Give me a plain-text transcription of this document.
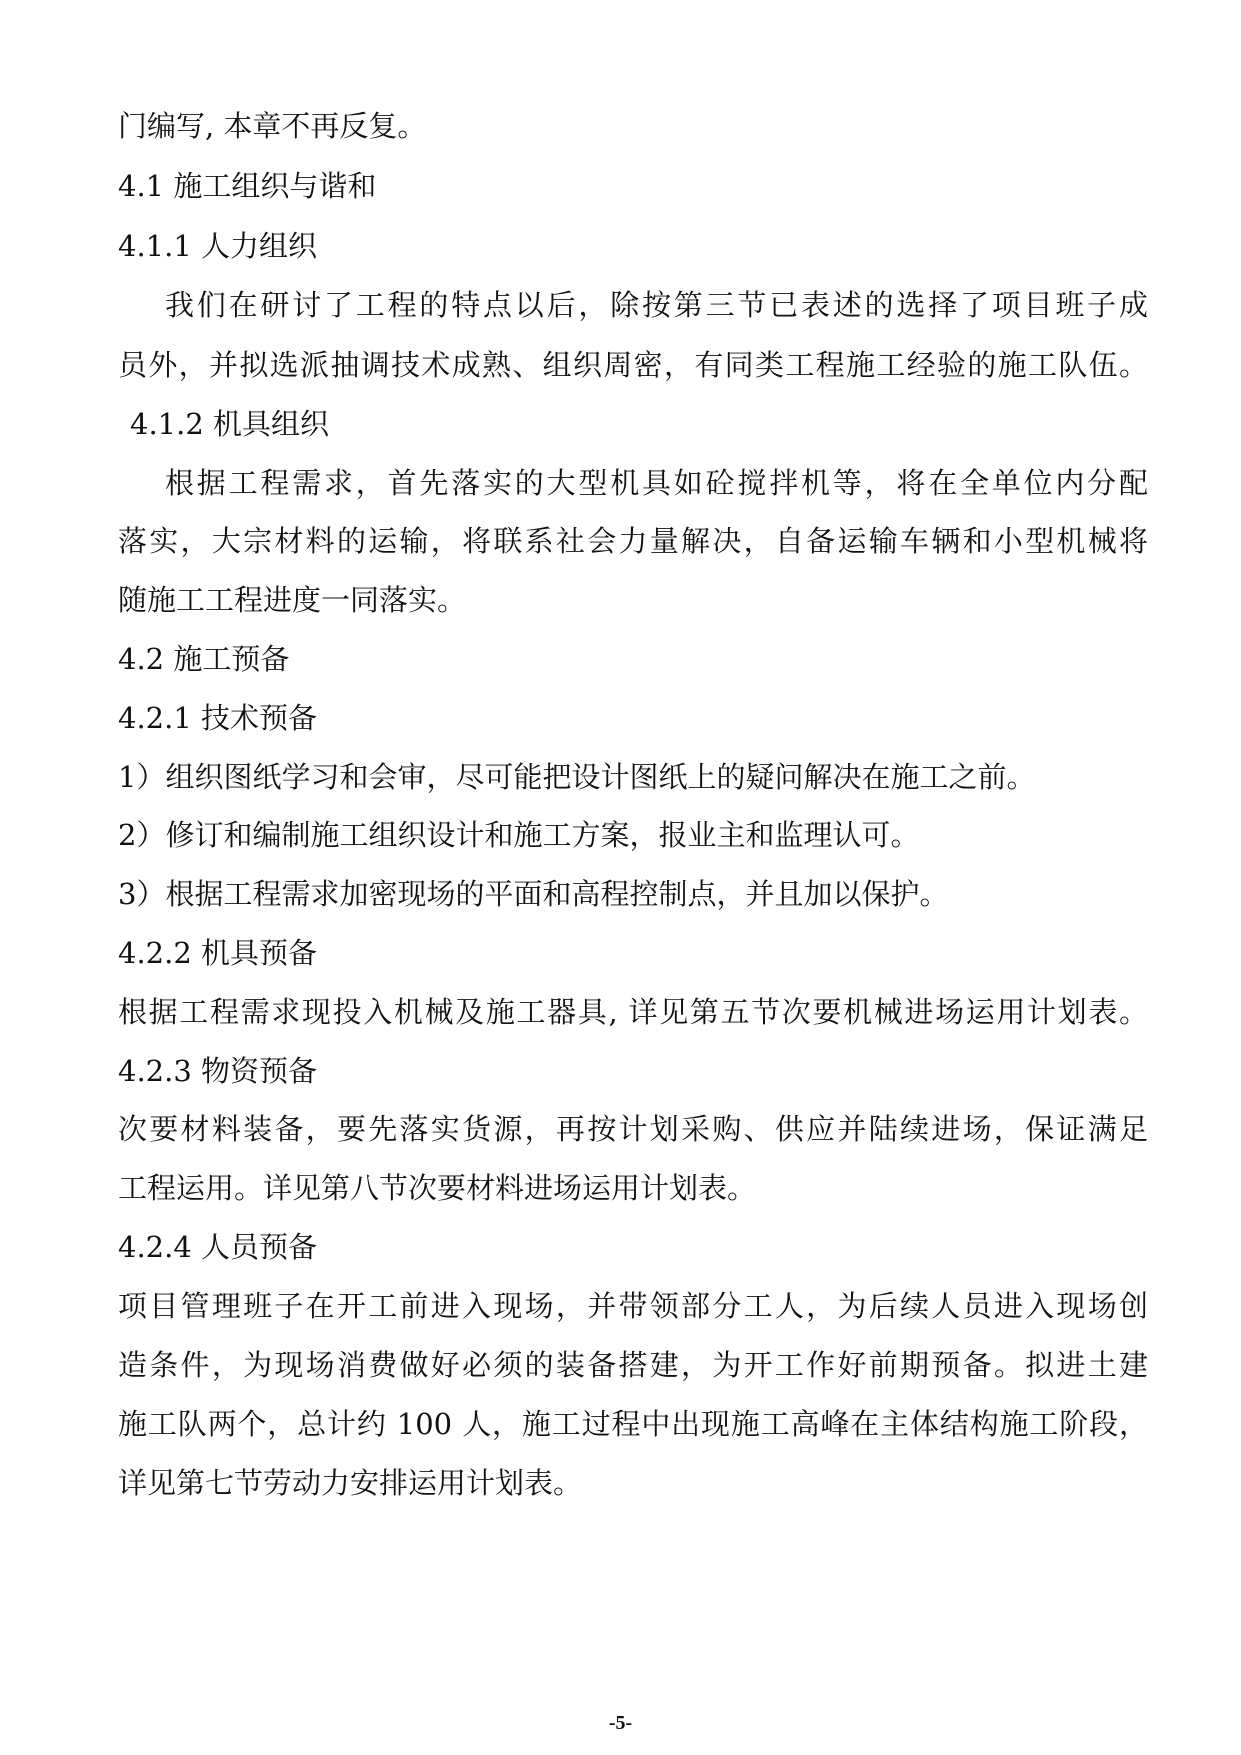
门编写, 本章不再反复。
4.1 施工组织与谐和
4.1.1 人力组织
我们在研讨了工程的特点以后，除按第三节已表述的选择了项目班子成
员外，并拟选派抽调技术成熟、组织周密，有同类工程施工经验的施工队伍。
4.1.2 机具组织
根据工程需求，首先落实的大型机具如砼搅拌机等，将在全单位内分配
落实，大宗材料的运输，将联系社会力量解决，自备运输车辆和小型机械将
随施工工程进度一同落实。
4.2 施工预备
4.2.1 技术预备
1）组织图纸学习和会审，尽可能把设计图纸上的疑问解决在施工之前。
2）修订和编制施工组织设计和施工方案，报业主和监理认可。
3）根据工程需求加密现场的平面和高程控制点，并且加以保护。
4.2.2 机具预备
根据工程需求现投入机械及施工器具, 详见第五节次要机械进场运用计划表。
4.2.3 物资预备
次要材料装备，要先落实货源，再按计划采购、供应并陆续进场，保证满足
工程运用。详见第八节次要材料进场运用计划表。
4.2.4 人员预备
项目管理班子在开工前进入现场，并带领部分工人，为后续人员进入现场创
造条件，为现场消费做好必须的装备搭建，为开工作好前期预备。拟进土建
施工队两个，总计约 100 人，施工过程中出现施工高峰在主体结构施工阶段，
详见第七节劳动力安排运用计划表。
-5-
